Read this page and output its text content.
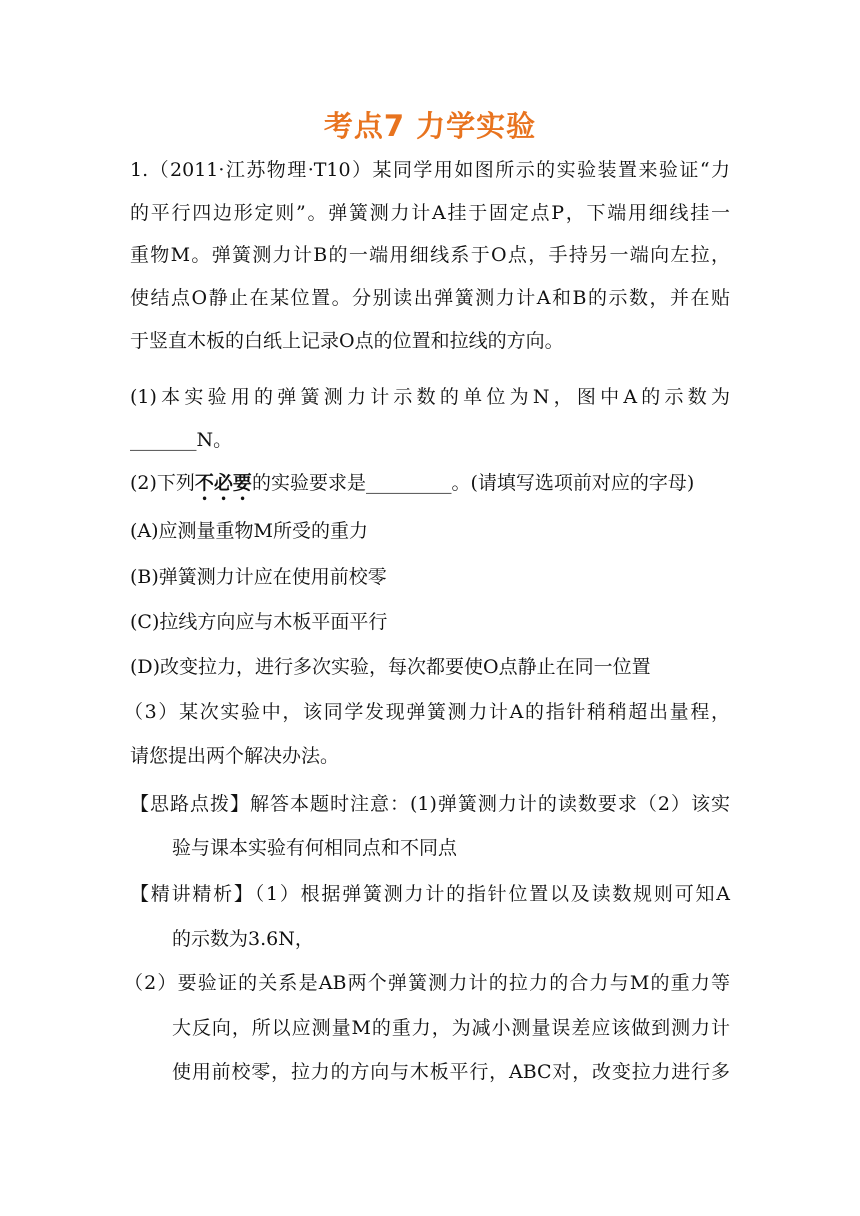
考点7 力学实验
1.（2011·江苏物理·T10）某同学用如图所示的实验装置来验证“力
的平行四边形定则”。弹簧测力计A挂于固定点P，下端用细线挂一
重物M。弹簧测力计B的一端用细线系于O点，手持另一端向左拉，
使结点O静止在某位置。分别读出弹簧测力计A和B的示数，并在贴
于竖直木板的白纸上记录O点的位置和拉线的方向。
(1)本实验用的弹簧测力计示数的单位为N，图中A的示数为
_______N。
(2)下列不必要的实验要求是_________。(请填写选项前对应的字母)
(A)应测量重物M所受的重力
(B)弹簧测力计应在使用前校零
(C)拉线方向应与木板平面平行
(D)改变拉力，进行多次实验，每次都要使O点静止在同一位置
（3）某次实验中，该同学发现弹簧测力计A的指针稍稍超出量程，
请您提出两个解决办法。
【思路点拨】解答本题时注意：(1)弹簧测力计的读数要求（2）该实
验与课本实验有何相同点和不同点
【精讲精析】（1）根据弹簧测力计的指针位置以及读数规则可知A
的示数为3.6N，
（2）要验证的关系是AB两个弹簧测力计的拉力的合力与M的重力等
大反向，所以应测量M的重力，为减小测量误差应该做到测力计
使用前校零，拉力的方向与木板平行，ABC对，改变拉力进行多
